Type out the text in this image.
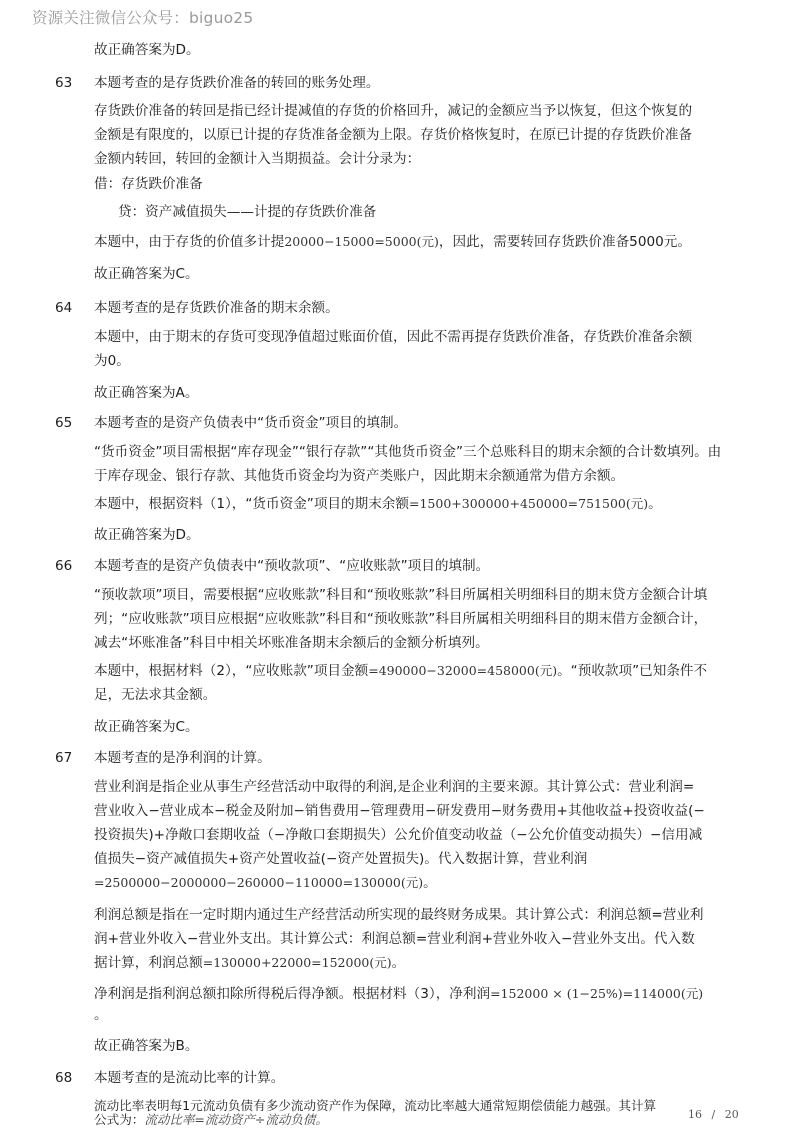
资源关注微信公众号：biguo25
故正确答案为D。
63 本题考查的是存货跌价准备的转回的账务处理。
存货跌价准备的转回是指已经计提减值的存货的价格回升，减记的金额应当予以恢复，但这个恢复的
金额是有限度的，以原已计提的存货准备金额为上限。存货价格恢复时，在原已计提的存货跌价准备
金额内转回，转回的金额计入当期损益。会计分录为：
借：存货跌价准备
贷：资产减值损失——计提的存货跌价准备
本题中，由于存货的价值多计提20000−15000=5000(元)，因此，需要转回存货跌价准备5000元。
故正确答案为C。
64 本题考查的是存货跌价准备的期末余额。
本题中，由于期末的存货可变现净值超过账面价值，因此不需再提存货跌价准备，存货跌价准备余额
为0。
故正确答案为A。
65 本题考查的是资产负债表中“货币资金”项目的填制。
“货币资金”项目需根据“库存现金”“银行存款”“其他货币资金”三个总账科目的期末余额的合计数填列。由
于库存现金、银行存款、其他货币资金均为资产类账户，因此期末余额通常为借方余额。
本题中，根据资料（1），“货币资金”项目的期末余额=1500+300000+450000=751500(元)。
故正确答案为D。
66 本题考查的是资产负债表中“预收款项”、“应收账款”项目的填制。
“预收款项”项目，需要根据“应收账款”科目和“预收账款”科目所属相关明细科目的期末贷方金额合计填
列；“应收账款”项目应根据“应收账款”科目和“预收账款”科目所属相关明细科目的期末借方金额合计，
减去“坏账准备”科目中相关坏账准备期末余额后的金额分析填列。
本题中，根据材料（2），“应收账款”项目金额=490000−32000=458000(元)。“预收款项”已知条件不
足，无法求其金额。
故正确答案为C。
67 本题考查的是净利润的计算。
营业利润是指企业从事生产经营活动中取得的利润,是企业利润的主要来源。其计算公式：营业利润=
营业收入−营业成本−税金及附加−销售费用−管理费用−研发费用−财务费用+其他收益+投资收益(−
投资损失)+净敞口套期收益（−净敞口套期损失）公允价值变动收益（−公允价值变动损失）−信用减
值损失−资产减值损失+资产处置收益(−资产处置损失)。代入数据计算，营业利润
=2500000−2000000−260000−110000=130000(元)。
利润总额是指在一定时期内通过生产经营活动所实现的最终财务成果。其计算公式：利润总额=营业利
润+营业外收入−营业外支出。其计算公式：利润总额=营业利润+营业外收入−营业外支出。代入数
据计算，利润总额=130000+22000=152000(元)。
净利润是指利润总额扣除所得税后得净额。根据材料（3），净利润=152000 × (1−25%)=114000(元)
。
故正确答案为B。
68 本题考查的是流动比率的计算。
流动比率表明每1元流动负债有多少流动资产作为保障，流动比率越大通常短期偿债能力越强。其计算
公式为：流动比率=流动资产÷流动负债。	16 / 20
